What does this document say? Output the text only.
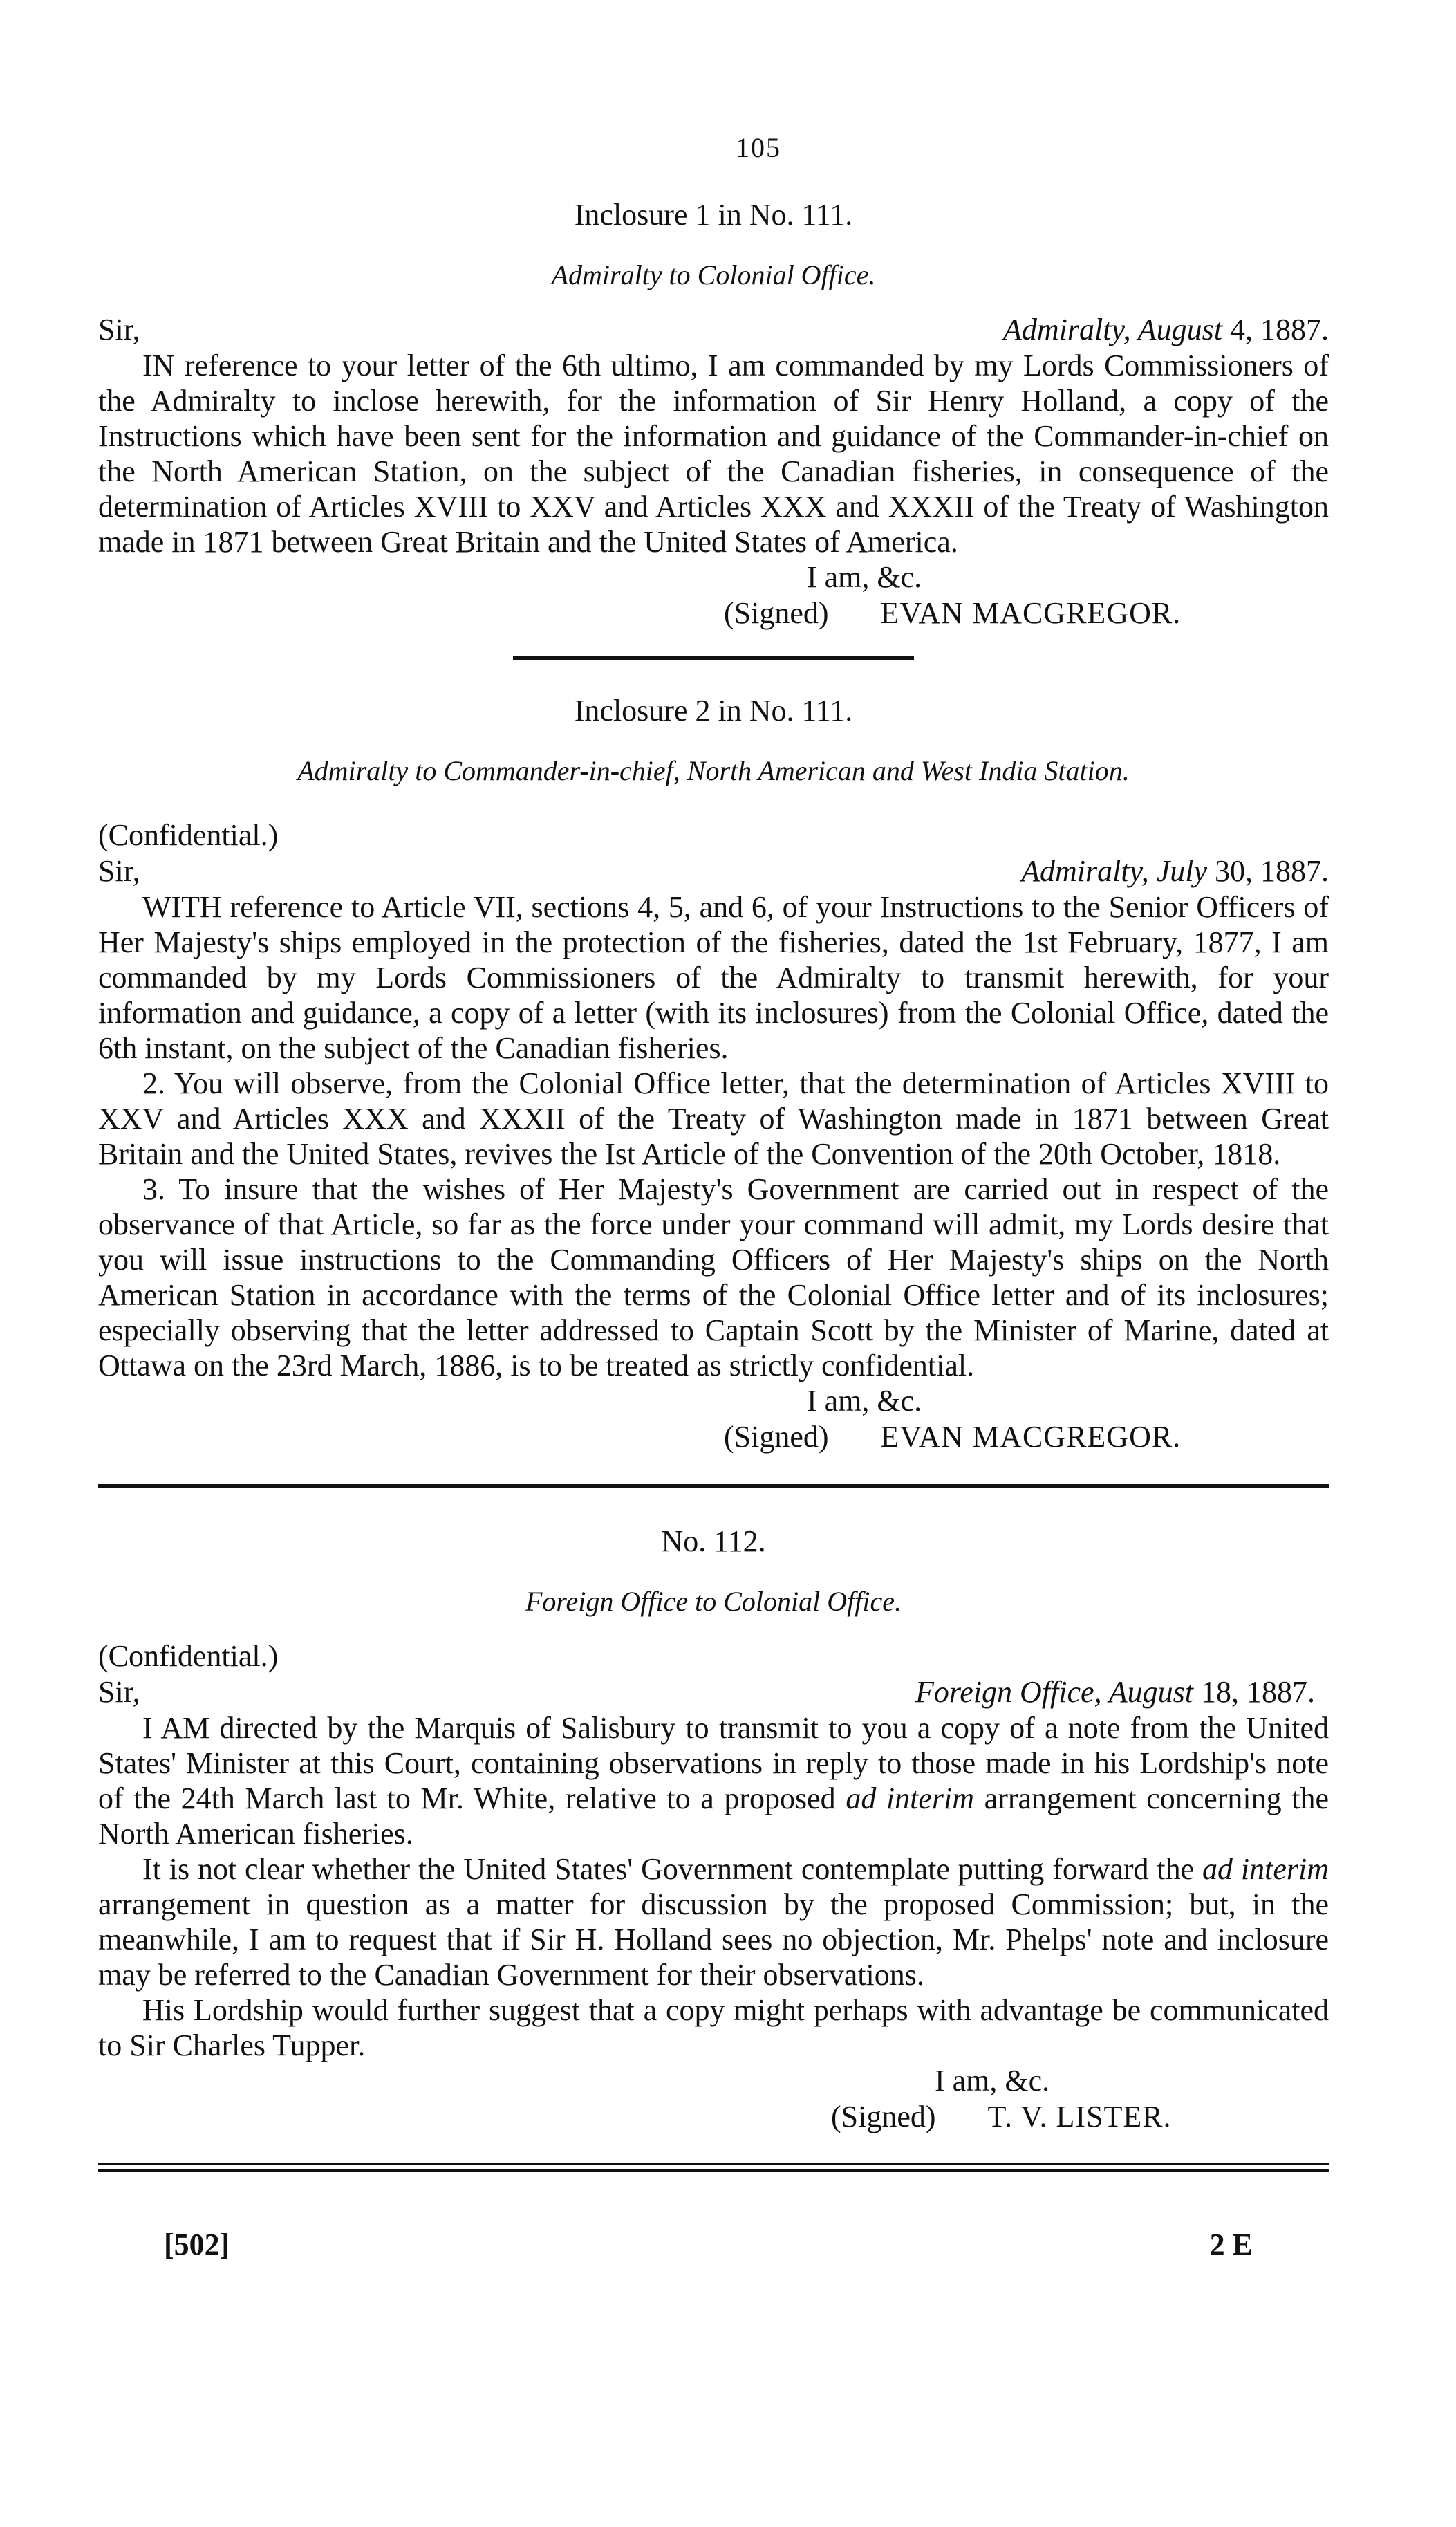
105
Inclosure 1 in No. 111.
Admiralty to Colonial Office.
Sir,	Admiralty, August 4, 1887.

IN reference to your letter of the 6th ultimo, I am commanded by my Lords Commissioners of the Admiralty to inclose herewith, for the information of Sir Henry Holland, a copy of the Instructions which have been sent for the information and guidance of the Commander-in-chief on the North American Station, on the subject of the Canadian fisheries, in consequence of the determination of Articles XVIII to XXV and Articles XXX and XXXII of the Treaty of Washington made in 1871 between Great Britain and the United States of America.

I am, &c.
(Signed) EVAN MACGREGOR.
Inclosure 2 in No. 111.
Admiralty to Commander-in-chief, North American and West India Station.
(Confidential.)
Sir,	Admiralty, July 30, 1887.

WITH reference to Article VII, sections 4, 5, and 6, of your Instructions to the Senior Officers of Her Majesty's ships employed in the protection of the fisheries, dated the 1st February, 1877, I am commanded by my Lords Commissioners of the Admiralty to transmit herewith, for your information and guidance, a copy of a letter (with its inclosures) from the Colonial Office, dated the 6th instant, on the subject of the Canadian fisheries.

2. You will observe, from the Colonial Office letter, that the determination of Articles XVIII to XXV and Articles XXX and XXXII of the Treaty of Washington made in 1871 between Great Britain and the United States, revives the Ist Article of the Convention of the 20th October, 1818.

3. To insure that the wishes of Her Majesty's Government are carried out in respect of the observance of that Article, so far as the force under your command will admit, my Lords desire that you will issue instructions to the Commanding Officers of Her Majesty's ships on the North American Station in accordance with the terms of the Colonial Office letter and of its inclosures; especially observing that the letter addressed to Captain Scott by the Minister of Marine, dated at Ottawa on the 23rd March, 1886, is to be treated as strictly confidential.

I am, &c.
(Signed) EVAN MACGREGOR.
No. 112.
Foreign Office to Colonial Office.
(Confidential.)
Sir,	Foreign Office, August 18, 1887.

I AM directed by the Marquis of Salisbury to transmit to you a copy of a note from the United States' Minister at this Court, containing observations in reply to those made in his Lordship's note of the 24th March last to Mr. White, relative to a proposed ad interim arrangement concerning the North American fisheries.

It is not clear whether the United States' Government contemplate putting forward the ad interim arrangement in question as a matter for discussion by the proposed Commission; but, in the meanwhile, I am to request that if Sir H. Holland sees no objection, Mr. Phelps' note and inclosure may be referred to the Canadian Government for their observations.

His Lordship would further suggest that a copy might perhaps with advantage be communicated to Sir Charles Tupper.

I am, &c.
(Signed) T. V. LISTER.
[502]	2 E
